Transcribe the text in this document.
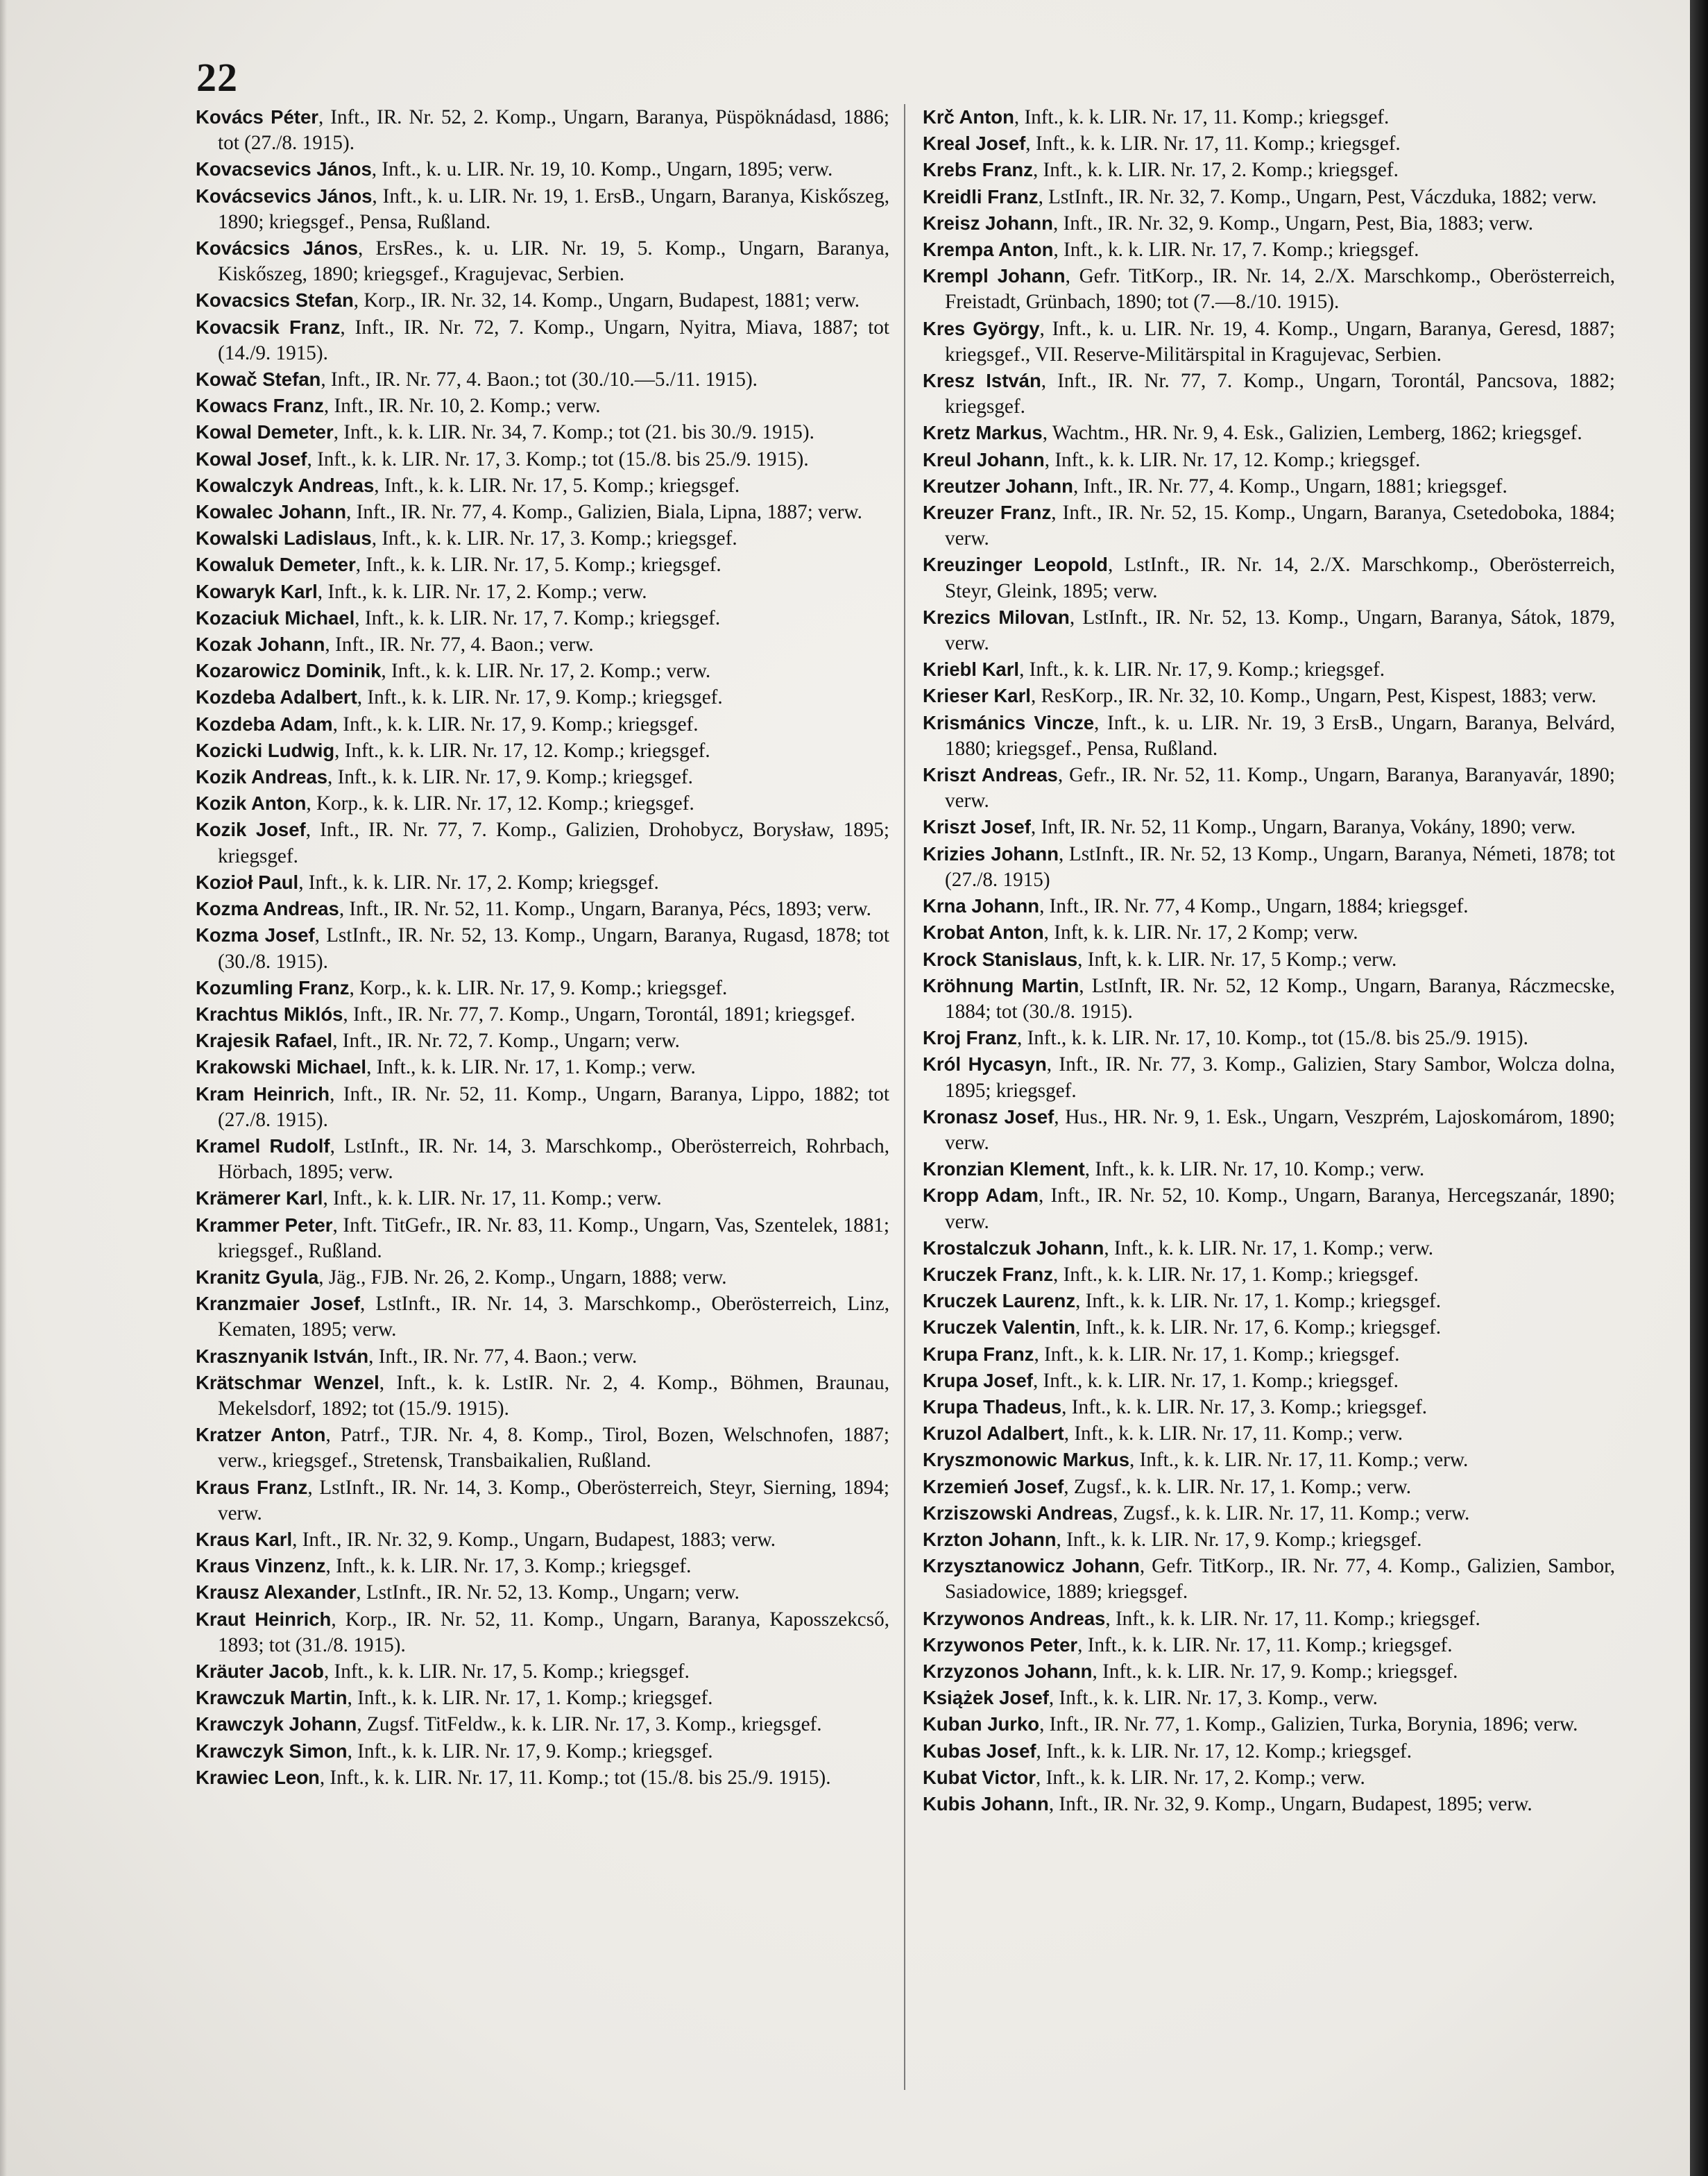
22

Kovács Péter, Inft., IR. Nr. 52, 2. Komp., Ungarn, Baranya, Püspöknádasd, 1886; tot (27./8. 1915).

Kovacsevics János, Inft., k. u. LIR. Nr. 19, 10. Komp., Ungarn, 1895; verw.

Kovácsevics János, Inft., k. u. LIR. Nr. 19, 1. ErsB., Ungarn, Baranya, Kiskőszeg, 1890; kriegsgef., Pensa, Rußland.

Kovácsics János, ErsRes., k. u. LIR. Nr. 19, 5. Komp., Ungarn, Baranya, Kiskőszeg, 1890; kriegsgef., Kragujevac, Serbien.

Kovacsics Stefan, Korp., IR. Nr. 32, 14. Komp., Ungarn, Budapest, 1881; verw.

Kovacsik Franz, Inft., IR. Nr. 72, 7. Komp., Ungarn, Nyitra, Miava, 1887; tot (14./9. 1915).

Kowač Stefan, Inft., IR. Nr. 77, 4. Baon.; tot (30./10.—5./11. 1915).

Kowacs Franz, Inft., IR. Nr. 10, 2. Komp.; verw.

Kowal Demeter, Inft., k. k. LIR. Nr. 34, 7. Komp.; tot (21. bis 30./9. 1915).

Kowal Josef, Inft., k. k. LIR. Nr. 17, 3. Komp.; tot (15./8. bis 25./9. 1915).

Kowalczyk Andreas, Inft., k. k. LIR. Nr. 17, 5. Komp.; kriegsgef.

Kowalec Johann, Inft., IR. Nr. 77, 4. Komp., Galizien, Biala, Lipna, 1887; verw.

Kowalski Ladislaus, Inft., k. k. LIR. Nr. 17, 3. Komp.; kriegsgef.

Kowaluk Demeter, Inft., k. k. LIR. Nr. 17, 5. Komp.; kriegsgef.

Kowaryk Karl, Inft., k. k. LIR. Nr. 17, 2. Komp.; verw.

Kozaciuk Michael, Inft., k. k. LIR. Nr. 17, 7. Komp.; kriegsgef.

Kozak Johann, Inft., IR. Nr. 77, 4. Baon.; verw.

Kozarowicz Dominik, Inft., k. k. LIR. Nr. 17, 2. Komp.; verw.

Kozdeba Adalbert, Inft., k. k. LIR. Nr. 17, 9. Komp.; kriegsgef.

Kozdeba Adam, Inft., k. k. LIR. Nr. 17, 9. Komp.; kriegsgef.

Kozicki Ludwig, Inft., k. k. LIR. Nr. 17, 12. Komp.; kriegsgef.

Kozik Andreas, Inft., k. k. LIR. Nr. 17, 9. Komp.; kriegsgef.

Kozik Anton, Korp., k. k. LIR. Nr. 17, 12. Komp.; kriegsgef.

Kozik Josef, Inft., IR. Nr. 77, 7. Komp., Galizien, Drohobycz, Borysław, 1895; kriegsgef.

Kozioł Paul, Inft., k. k. LIR. Nr. 17, 2. Komp; kriegsgef.

Kozma Andreas, Inft., IR. Nr. 52, 11. Komp., Ungarn, Baranya, Pécs, 1893; verw.

Kozma Josef, LstInft., IR. Nr. 52, 13. Komp., Ungarn, Baranya, Rugasd, 1878; tot (30./8. 1915).

Kozumling Franz, Korp., k. k. LIR. Nr. 17, 9. Komp.; kriegsgef.

Krachtus Miklós, Inft., IR. Nr. 77, 7. Komp., Ungarn, Torontál, 1891; kriegsgef.

Krajesik Rafael, Inft., IR. Nr. 72, 7. Komp., Ungarn; verw.

Krakowski Michael, Inft., k. k. LIR. Nr. 17, 1. Komp.; verw.

Kram Heinrich, Inft., IR. Nr. 52, 11. Komp., Ungarn, Baranya, Lippo, 1882; tot (27./8. 1915).

Kramel Rudolf, LstInft., IR. Nr. 14, 3. Marschkomp., Oberösterreich, Rohrbach, Hörbach, 1895; verw.

Krämerer Karl, Inft., k. k. LIR. Nr. 17, 11. Komp.; verw.

Krammer Peter, Inft. TitGefr., IR. Nr. 83, 11. Komp., Ungarn, Vas, Szentelek, 1881; kriegsgef., Rußland.

Kranitz Gyula, Jäg., FJB. Nr. 26, 2. Komp., Ungarn, 1888; verw.

Kranzmaier Josef, LstInft., IR. Nr. 14, 3. Marschkomp., Oberösterreich, Linz, Kematen, 1895; verw.

Krasznyanik István, Inft., IR. Nr. 77, 4. Baon.; verw.

Krätschmar Wenzel, Inft., k. k. LstIR. Nr. 2, 4. Komp., Böhmen, Braunau, Mekelsdorf, 1892; tot (15./9. 1915).

Kratzer Anton, Patrf., TJR. Nr. 4, 8. Komp., Tirol, Bozen, Welschnofen, 1887; verw., kriegsgef., Stretensk, Transbaikalien, Rußland.

Kraus Franz, LstInft., IR. Nr. 14, 3. Komp., Oberösterreich, Steyr, Sierning, 1894; verw.

Kraus Karl, Inft., IR. Nr. 32, 9. Komp., Ungarn, Budapest, 1883; verw.

Kraus Vinzenz, Inft., k. k. LIR. Nr. 17, 3. Komp.; kriegsgef.

Krausz Alexander, LstInft., IR. Nr. 52, 13. Komp., Ungarn; verw.

Kraut Heinrich, Korp., IR. Nr. 52, 11. Komp., Ungarn, Baranya, Kaposszekcső, 1893; tot (31./8. 1915).

Kräuter Jacob, Inft., k. k. LIR. Nr. 17, 5. Komp.; kriegsgef.

Krawczuk Martin, Inft., k. k. LIR. Nr. 17, 1. Komp.; kriegsgef.

Krawczyk Johann, Zugsf. TitFeldw., k. k. LIR. Nr. 17, 3. Komp., kriegsgef.

Krawczyk Simon, Inft., k. k. LIR. Nr. 17, 9. Komp.; kriegsgef.

Krawiec Leon, Inft., k. k. LIR. Nr. 17, 11. Komp.; tot (15./8. bis 25./9. 1915).

Krč Anton, Inft., k. k. LIR. Nr. 17, 11. Komp.; kriegsgef.

Kreal Josef, Inft., k. k. LIR. Nr. 17, 11. Komp.; kriegsgef.

Krebs Franz, Inft., k. k. LIR. Nr. 17, 2. Komp.; kriegsgef.

Kreidli Franz, LstInft., IR. Nr. 32, 7. Komp., Ungarn, Pest, Váczduka, 1882; verw.

Kreisz Johann, Inft., IR. Nr. 32, 9. Komp., Ungarn, Pest, Bia, 1883; verw.

Krempa Anton, Inft., k. k. LIR. Nr. 17, 7. Komp.; kriegsgef.

Krempl Johann, Gefr. TitKorp., IR. Nr. 14, 2./X. Marschkomp., Oberösterreich, Freistadt, Grünbach, 1890; tot (7.—8./10. 1915).

Kres György, Inft., k. u. LIR. Nr. 19, 4. Komp., Ungarn, Baranya, Geresd, 1887; kriegsgef., VII. Reserve-Militärspital in Kragujevac, Serbien.

Kresz István, Inft., IR. Nr. 77, 7. Komp., Ungarn, Torontál, Pancsova, 1882; kriegsgef.

Kretz Markus, Wachtm., HR. Nr. 9, 4. Esk., Galizien, Lemberg, 1862; kriegsgef.

Kreul Johann, Inft., k. k. LIR. Nr. 17, 12. Komp.; kriegsgef.

Kreutzer Johann, Inft., IR. Nr. 77, 4. Komp., Ungarn, 1881; kriegsgef.

Kreuzer Franz, Inft., IR. Nr. 52, 15. Komp., Ungarn, Baranya, Csetedoboka, 1884; verw.

Kreuzinger Leopold, LstInft., IR. Nr. 14, 2./X. Marschkomp., Oberösterreich, Steyr, Gleink, 1895; verw.

Krezics Milovan, LstInft., IR. Nr. 52, 13. Komp., Ungarn, Baranya, Sátok, 1879, verw.

Kriebl Karl, Inft., k. k. LIR. Nr. 17, 9. Komp.; kriegsgef.

Krieser Karl, ResKorp., IR. Nr. 32, 10. Komp., Ungarn, Pest, Kispest, 1883; verw.

Krismánics Vincze, Inft., k. u. LIR. Nr. 19, 3 ErsB., Ungarn, Baranya, Belvárd, 1880; kriegsgef., Pensa, Rußland.

Kriszt Andreas, Gefr., IR. Nr. 52, 11. Komp., Ungarn, Baranya, Baranyavár, 1890; verw.

Kriszt Josef, Inft, IR. Nr. 52, 11 Komp., Ungarn, Baranya, Vokány, 1890; verw.

Krizies Johann, LstInft., IR. Nr. 52, 13 Komp., Ungarn, Baranya, Németi, 1878; tot (27./8. 1915)

Krna Johann, Inft., IR. Nr. 77, 4 Komp., Ungarn, 1884; kriegsgef.

Krobat Anton, Inft, k. k. LIR. Nr. 17, 2 Komp; verw.

Krock Stanislaus, Inft, k. k. LIR. Nr. 17, 5 Komp.; verw.

Kröhnung Martin, LstInft, IR. Nr. 52, 12 Komp., Ungarn, Baranya, Ráczmecske, 1884; tot (30./8. 1915).

Kroj Franz, Inft., k. k. LIR. Nr. 17, 10. Komp., tot (15./8. bis 25./9. 1915).

Król Hycasyn, Inft., IR. Nr. 77, 3. Komp., Galizien, Stary Sambor, Wolcza dolna, 1895; kriegsgef.

Kronasz Josef, Hus., HR. Nr. 9, 1. Esk., Ungarn, Veszprém, Lajoskomárom, 1890; verw.

Kronzian Klement, Inft., k. k. LIR. Nr. 17, 10. Komp.; verw.

Kropp Adam, Inft., IR. Nr. 52, 10. Komp., Ungarn, Baranya, Hercegszanár, 1890; verw.

Krostalczuk Johann, Inft., k. k. LIR. Nr. 17, 1. Komp.; verw.

Kruczek Franz, Inft., k. k. LIR. Nr. 17, 1. Komp.; kriegsgef.

Kruczek Laurenz, Inft., k. k. LIR. Nr. 17, 1. Komp.; kriegsgef.

Kruczek Valentin, Inft., k. k. LIR. Nr. 17, 6. Komp.; kriegsgef.

Krupa Franz, Inft., k. k. LIR. Nr. 17, 1. Komp.; kriegsgef.

Krupa Josef, Inft., k. k. LIR. Nr. 17, 1. Komp.; kriegsgef.

Krupa Thadeus, Inft., k. k. LIR. Nr. 17, 3. Komp.; kriegsgef.

Kruzol Adalbert, Inft., k. k. LIR. Nr. 17, 11. Komp.; verw.

Kryszmonowic Markus, Inft., k. k. LIR. Nr. 17, 11. Komp.; verw.

Krzemień Josef, Zugsf., k. k. LIR. Nr. 17, 1. Komp.; verw.

Krziszowski Andreas, Zugsf., k. k. LIR. Nr. 17, 11. Komp.; verw.

Krzton Johann, Inft., k. k. LIR. Nr. 17, 9. Komp.; kriegsgef.

Krzysztanowicz Johann, Gefr. TitKorp., IR. Nr. 77, 4. Komp., Galizien, Sambor, Sasiadowice, 1889; kriegsgef.

Krzywonos Andreas, Inft., k. k. LIR. Nr. 17, 11. Komp.; kriegsgef.

Krzywonos Peter, Inft., k. k. LIR. Nr. 17, 11. Komp.; kriegsgef.

Krzyzonos Johann, Inft., k. k. LIR. Nr. 17, 9. Komp.; kriegsgef.

Książek Josef, Inft., k. k. LIR. Nr. 17, 3. Komp., verw.

Kuban Jurko, Inft., IR. Nr. 77, 1. Komp., Galizien, Turka, Borynia, 1896; verw.

Kubas Josef, Inft., k. k. LIR. Nr. 17, 12. Komp.; kriegsgef.

Kubat Victor, Inft., k. k. LIR. Nr. 17, 2. Komp.; verw.

Kubis Johann, Inft., IR. Nr. 32, 9. Komp., Ungarn, Budapest, 1895; verw.
